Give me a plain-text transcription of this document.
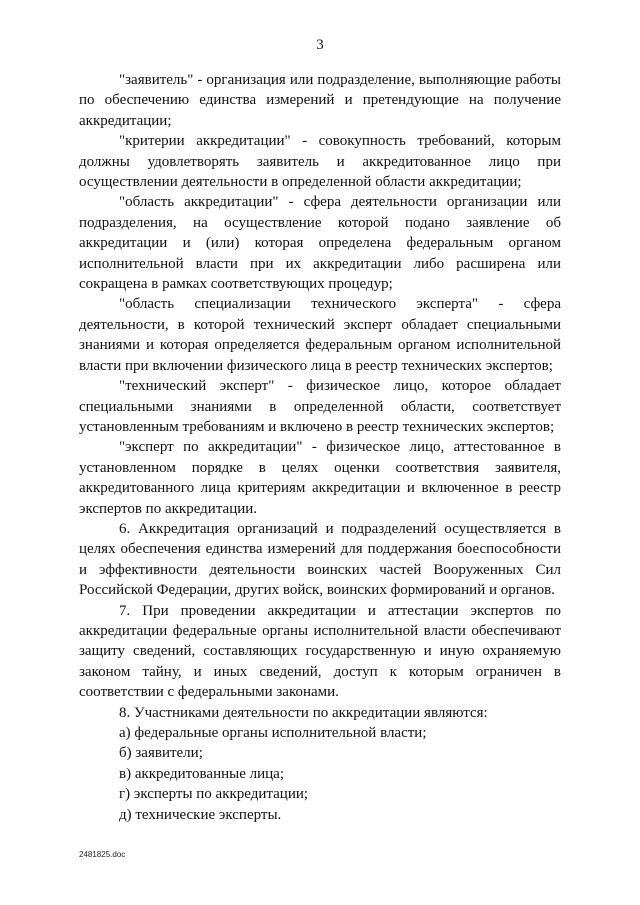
3

"заявитель" - организация или подразделение, выполняющие работы по обеспечению единства измерений и претендующие на получение аккредитации;

"критерии аккредитации" - совокупность требований, которым должны удовлетворять заявитель и аккредитованное лицо при осуществлении деятельности в определенной области аккредитации;

"область аккредитации" - сфера деятельности организации или подразделения, на осуществление которой подано заявление об аккредитации и (или) которая определена федеральным органом исполнительной власти при их аккредитации либо расширена или сокращена в рамках соответствующих процедур;

"область специализации технического эксперта" - сфера деятельности, в которой технический эксперт обладает специальными знаниями и которая определяется федеральным органом исполнительной власти при включении физического лица в реестр технических экспертов;

"технический эксперт" - физическое лицо, которое обладает специальными знаниями в определенной области, соответствует установленным требованиям и включено в реестр технических экспертов;

"эксперт по аккредитации" - физическое лицо, аттестованное в установленном порядке в целях оценки соответствия заявителя, аккредитованного лица критериям аккредитации и включенное в реестр экспертов по аккредитации.

6. Аккредитация организаций и подразделений осуществляется в целях обеспечения единства измерений для поддержания боеспособности и эффективности деятельности воинских частей Вооруженных Сил Российской Федерации, других войск, воинских формирований и органов.

7. При проведении аккредитации и аттестации экспертов по аккредитации федеральные органы исполнительной власти обеспечивают защиту сведений, составляющих государственную и иную охраняемую законом тайну, и иных сведений, доступ к которым ограничен в соответствии с федеральными законами.

8. Участниками деятельности по аккредитации являются:

а) федеральные органы исполнительной власти;

б) заявители;

в) аккредитованные лица;

г) эксперты по аккредитации;

д) технические эксперты.

2481825.doc
